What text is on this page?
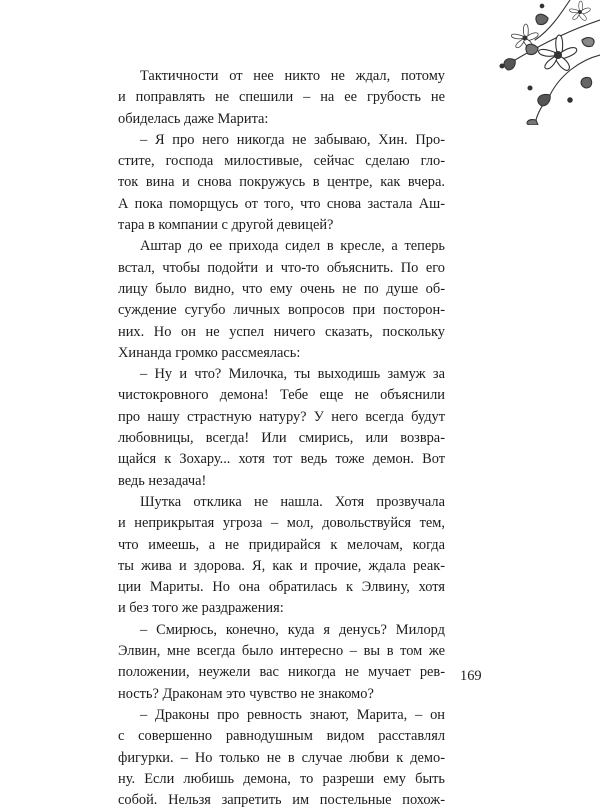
Тактичности от нее никто не ждал, потому
и поправлять не спешили – на ее грубость не
обиделась даже Марита:
– Я про него никогда не забываю, Хин. Про-
стите, господа милостивые, сейчас сделаю гло-
ток вина и снова покружусь в центре, как вчера.
А пока поморщусь от того, что снова застала Аш-
тара в компании с другой девицей?
Аштар до ее прихода сидел в кресле, а теперь
встал, чтобы подойти и что-то объяснить. По его
лицу было видно, что ему очень не по душе об-
суждение сугубо личных вопросов при посторон-
них. Но он не успел ничего сказать, поскольку
Хинанда громко рассмеялась:
– Ну и что? Милочка, ты выходишь замуж за
чистокровного демона! Тебе еще не объяснили
про нашу страстную натуру? У него всегда будут
любовницы, всегда! Или смирись, или возвра-
щайся к Зохару... хотя тот ведь тоже демон. Вот
ведь незадача!
Шутка отклика не нашла. Хотя прозвучала
и неприкрытая угроза – мол, довольствуйся тем,
что имеешь, а не придирайся к мелочам, когда
ты жива и здорова. Я, как и прочие, ждала реак-
ции Мариты. Но она обратилась к Элвину, хотя
и без того же раздражения:
– Смирюсь, конечно, куда я денусь? Милорд
Элвин, мне всегда было интересно – вы в том же
положении, неужели вас никогда не мучает рев-
ность? Драконам это чувство не знакомо?
– Драконы про ревность знают, Марита, – он
с совершенно равнодушным видом расставлял
фигурки. – Но только не в случае любви к демо-
ну. Если любишь демона, то разреши ему быть
собой. Нельзя запретить им постельные похож-
169
